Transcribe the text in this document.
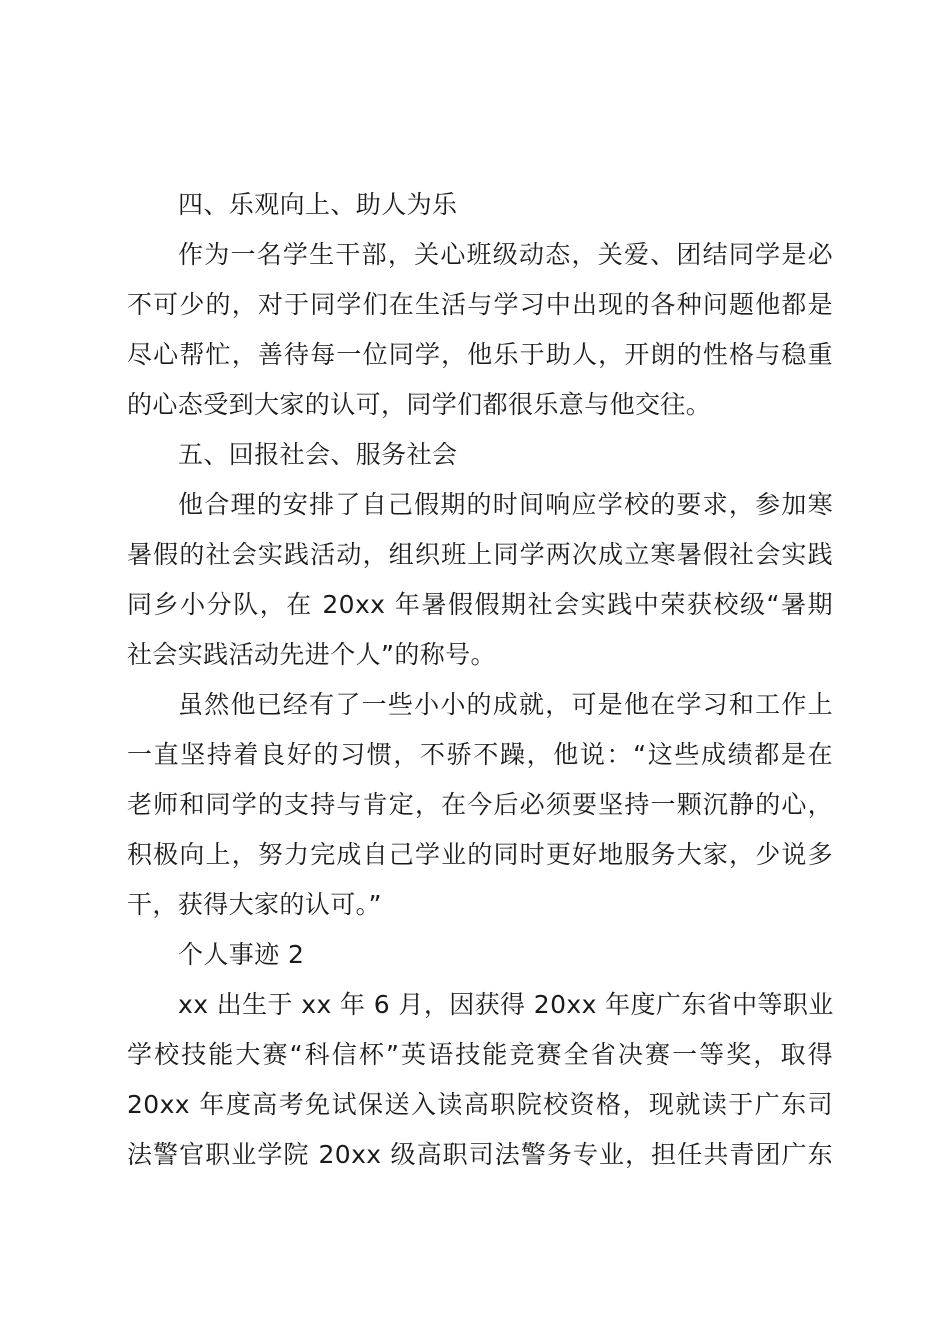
四、乐观向上、助人为乐
作为一名学生干部，关心班级动态，关爱、团结同学是必
不可少的，对于同学们在生活与学习中出现的各种问题他都是
尽心帮忙，善待每一位同学，他乐于助人，开朗的性格与稳重
的心态受到大家的认可，同学们都很乐意与他交往。
五、回报社会、服务社会
他合理的安排了自己假期的时间响应学校的要求，参加寒
暑假的社会实践活动，组织班上同学两次成立寒暑假社会实践
同乡小分队，在 20xx 年暑假假期社会实践中荣获校级“暑期
社会实践活动先进个人”的称号。
虽然他已经有了一些小小的成就，可是他在学习和工作上
一直坚持着良好的习惯，不骄不躁，他说：“这些成绩都是在
老师和同学的支持与肯定，在今后必须要坚持一颗沉静的心，
积极向上，努力完成自己学业的同时更好地服务大家，少说多
干，获得大家的认可。”
个人事迹 2
xx 出生于 xx 年 6 月，因获得 20xx 年度广东省中等职业
学校技能大赛“科信杯”英语技能竞赛全省决赛一等奖，取得
20xx 年度高考免试保送入读高职院校资格，现就读于广东司
法警官职业学院 20xx 级高职司法警务专业，担任共青团广东
